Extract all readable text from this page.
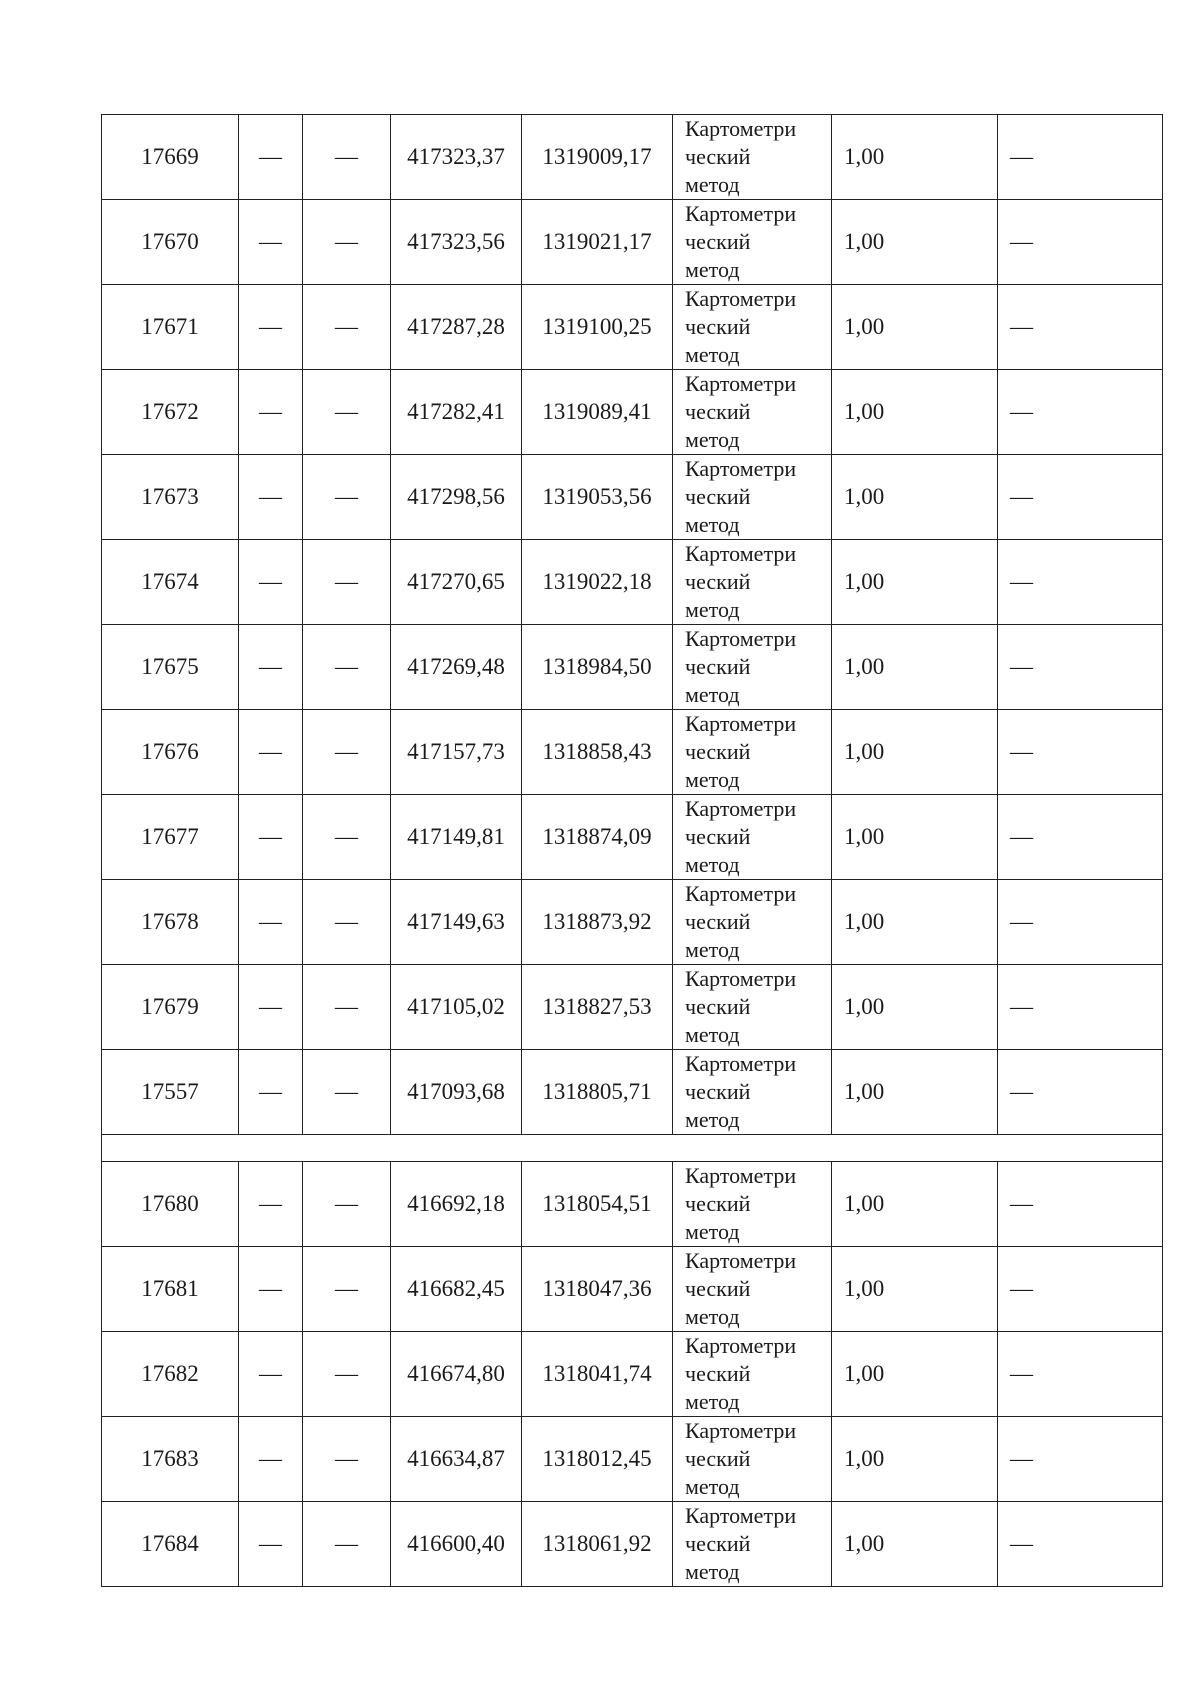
17669	—	—	417323,37	1319009,17	Картометри
ческий
метод	1,00	—
17670	—	—	417323,56	1319021,17	Картометри
ческий
метод	1,00	—
17671	—	—	417287,28	1319100,25	Картометри
ческий
метод	1,00	—
17672	—	—	417282,41	1319089,41	Картометри
ческий
метод	1,00	—
17673	—	—	417298,56	1319053,56	Картометри
ческий
метод	1,00	—
17674	—	—	417270,65	1319022,18	Картометри
ческий
метод	1,00	—
17675	—	—	417269,48	1318984,50	Картометри
ческий
метод	1,00	—
17676	—	—	417157,73	1318858,43	Картометри
ческий
метод	1,00	—
17677	—	—	417149,81	1318874,09	Картометри
ческий
метод	1,00	—
17678	—	—	417149,63	1318873,92	Картометри
ческий
метод	1,00	—
17679	—	—	417105,02	1318827,53	Картометри
ческий
метод	1,00	—
17557	—	—	417093,68	1318805,71	Картометри
ческий
метод	1,00	—

17680	—	—	416692,18	1318054,51	Картометри
ческий
метод	1,00	—
17681	—	—	416682,45	1318047,36	Картометри
ческий
метод	1,00	—
17682	—	—	416674,80	1318041,74	Картометри
ческий
метод	1,00	—
17683	—	—	416634,87	1318012,45	Картометри
ческий
метод	1,00	—
17684	—	—	416600,40	1318061,92	Картометри
ческий
метод	1,00	—
